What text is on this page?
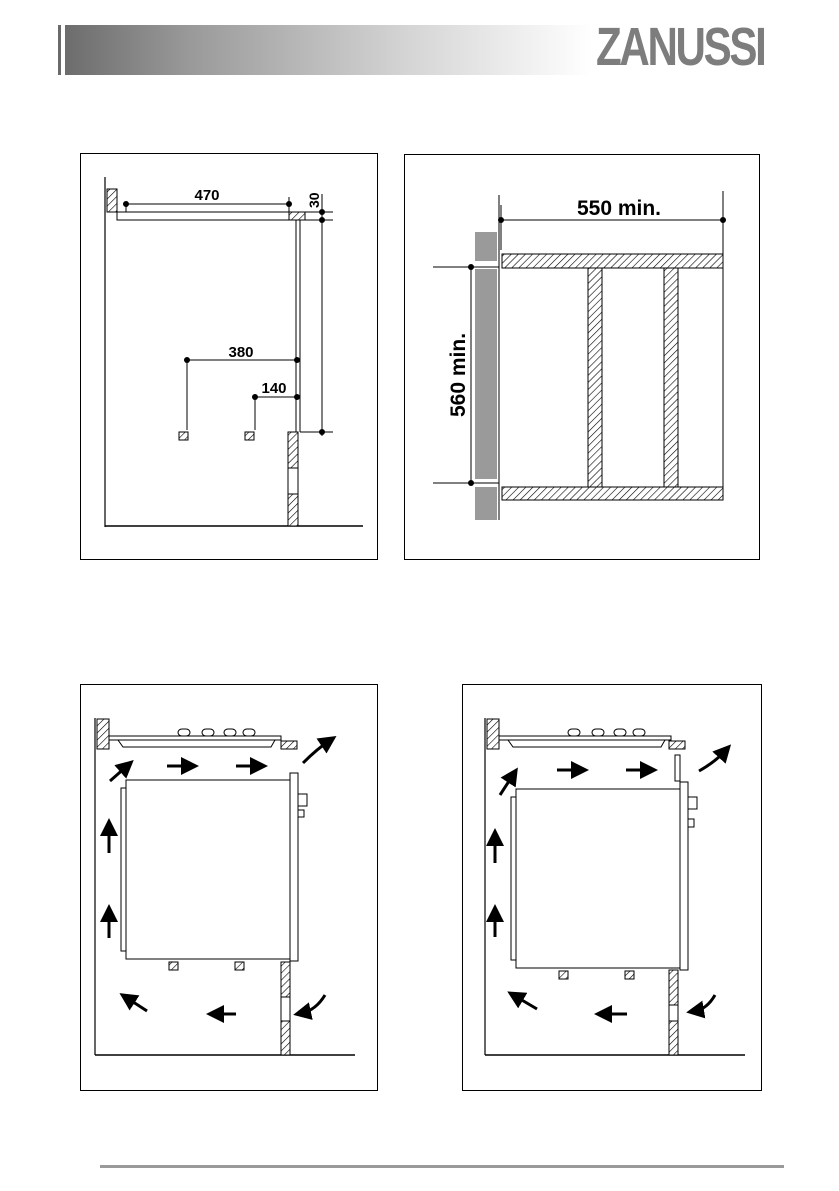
ZANUSSI
470	30
380
140
550 min.
560 min.
